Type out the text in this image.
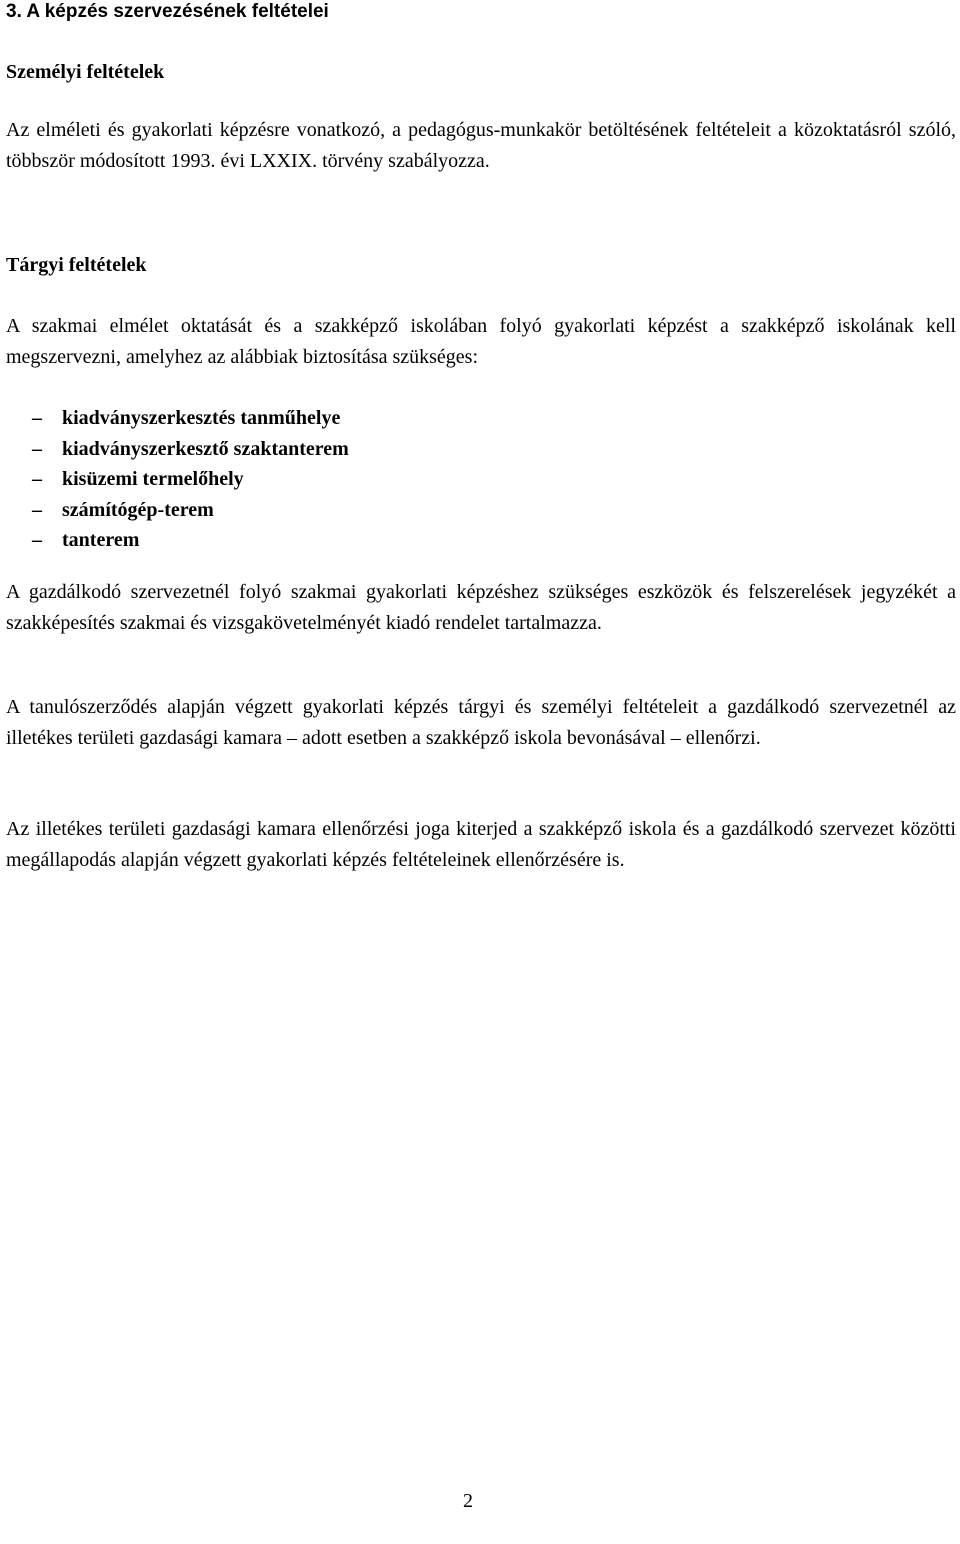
3. A képzés szervezésének feltételei
Személyi feltételek

Az elméleti és gyakorlati képzésre vonatkozó, a pedagógus-munkakör betöltésének feltételeit a közoktatásról szóló, többször módosított 1993. évi LXXIX. törvény szabályozza.

Tárgyi feltételek

A szakmai elmélet oktatását és a szakképző iskolában folyó gyakorlati képzést a szakképző iskolának kell megszervezni, amelyhez az alábbiak biztosítása szükséges:

– kiadványszerkesztés tanműhelye
– kiadványszerkesztő szaktanterem
– kisüzemi termelőhely
– számítógép-terem
– tanterem

A gazdálkodó szervezetnél folyó szakmai gyakorlati képzéshez szükséges eszközök és felszerelések jegyzékét a szakképesítés szakmai és vizsgakövetelményét kiadó rendelet tartalmazza.

A tanulószerződés alapján végzett gyakorlati képzés tárgyi és személyi feltételeit a gazdálkodó szervezetnél az illetékes területi gazdasági kamara – adott esetben a szakképző iskola bevonásával – ellenőrzi.

Az illetékes területi gazdasági kamara ellenőrzési joga kiterjed a szakképző iskola és a gazdálkodó szervezet közötti megállapodás alapján végzett gyakorlati képzés feltételeinek ellenőrzésére is.

2
